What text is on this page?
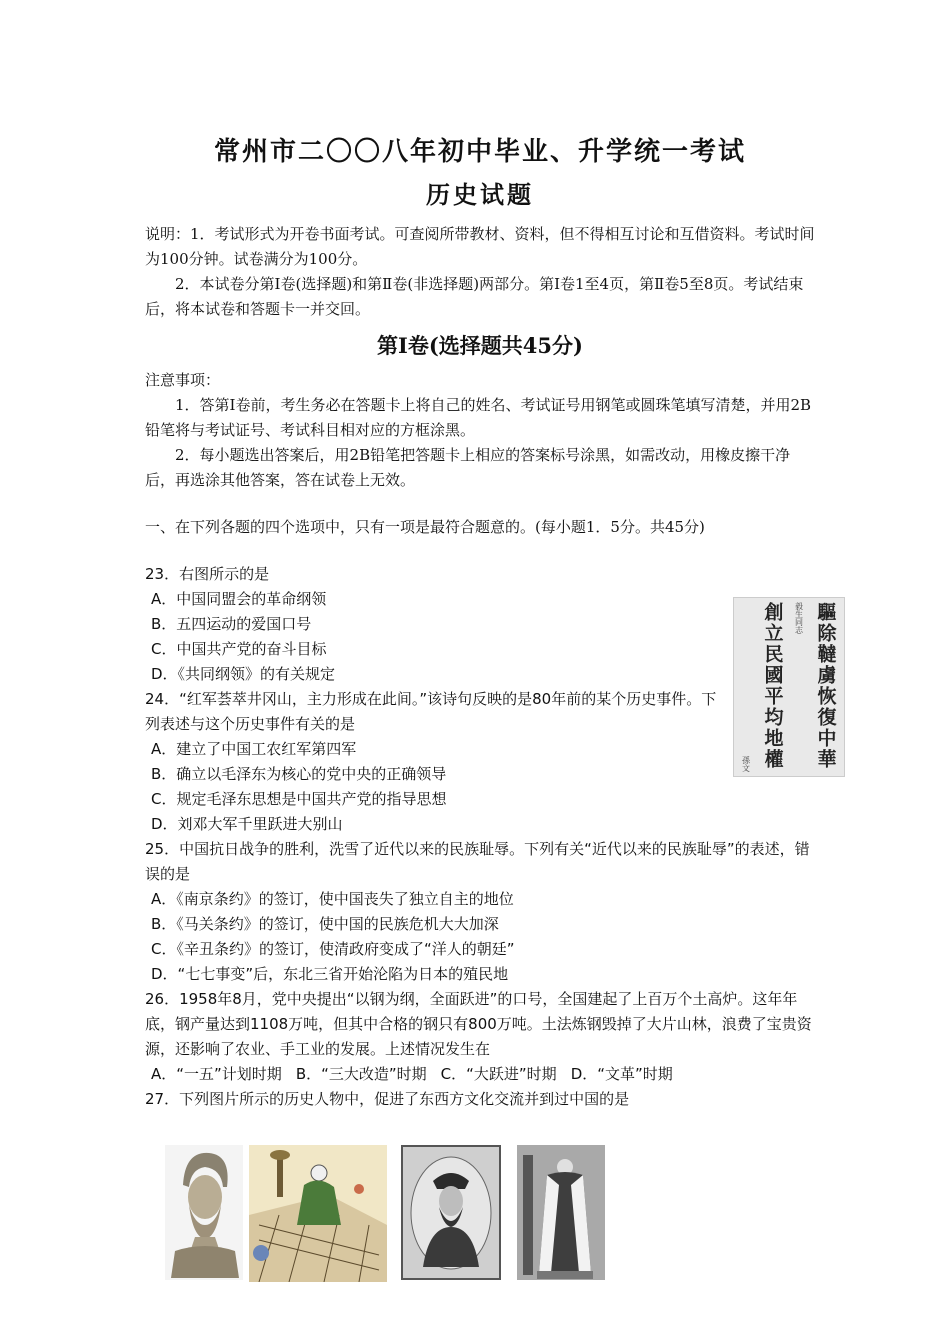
常州市二〇〇八年初中毕业、升学统一考试
历史试题

说明：1．考试形式为开卷书面考试。可查阅所带教材、资料，但不得相互讨论和互借资料。考试时间为100分钟。试卷满分为100分。

2．本试卷分第Ⅰ卷(选择题)和第Ⅱ卷(非选择题)两部分。第Ⅰ卷1至4页，第Ⅱ卷5至8页。考试结束后，将本试卷和答题卡一并交回。

第Ⅰ卷(选择题共45分)

注意事项：

1．答第Ⅰ卷前，考生务必在答题卡上将自己的姓名、考试证号用钢笔或圆珠笔填写清楚，并用2B铅笔将与考试证号、考试科目相对应的方框涂黑。

2．每小题选出答案后，用2B铅笔把答题卡上相应的答案标号涂黑，如需改动，用橡皮擦干净后，再选涂其他答案，答在试卷上无效。

一、在下列各题的四个选项中，只有一项是最符合题意的。(每小题1．5分。共45分)

23．右图所示的是

A．中国同盟会的革命纲领

B．五四运动的爱国口号

C．中国共产党的奋斗目标

D．《共同纲领》的有关规定

24．“红军荟萃井冈山，主力形成在此间。”该诗句反映的是80年前的某个历史事件。下列表述与这个历史事件有关的是

A．建立了中国工农红军第四军

B．确立以毛泽东为核心的党中央的正确领导

C．规定毛泽东思想是中国共产党的指导思想

D．刘邓大军千里跃进大别山

25．中国抗日战争的胜利，洗雪了近代以来的民族耻辱。下列有关“近代以来的民族耻辱”的表述，错误的是

A．《南京条约》的签订，使中国丧失了独立自主的地位

B．《马关条约》的签订，使中国的民族危机大大加深

C．《辛丑条约》的签订，使清政府变成了“洋人的朝廷”

D．“七七事变”后，东北三省开始沦陷为日本的殖民地

26．1958年8月，党中央提出“以钢为纲，全面跃进”的口号，全国建起了上百万个土高炉。这年年底，钢产量达到1108万吨，但其中合格的钢只有800万吨。土法炼钢毁掉了大片山林，浪费了宝贵资源，还影响了农业、手工业的发展。上述情况发生在

A．“一五”计划时期 B．“三大改造”时期 C．“大跃进”时期 D．“文革”时期

27．下列图片所示的历史人物中，促进了东西方文化交流并到过中国的是

驅除韃虜恢復中華
毅生同志
創立民國平均地權
孫文
